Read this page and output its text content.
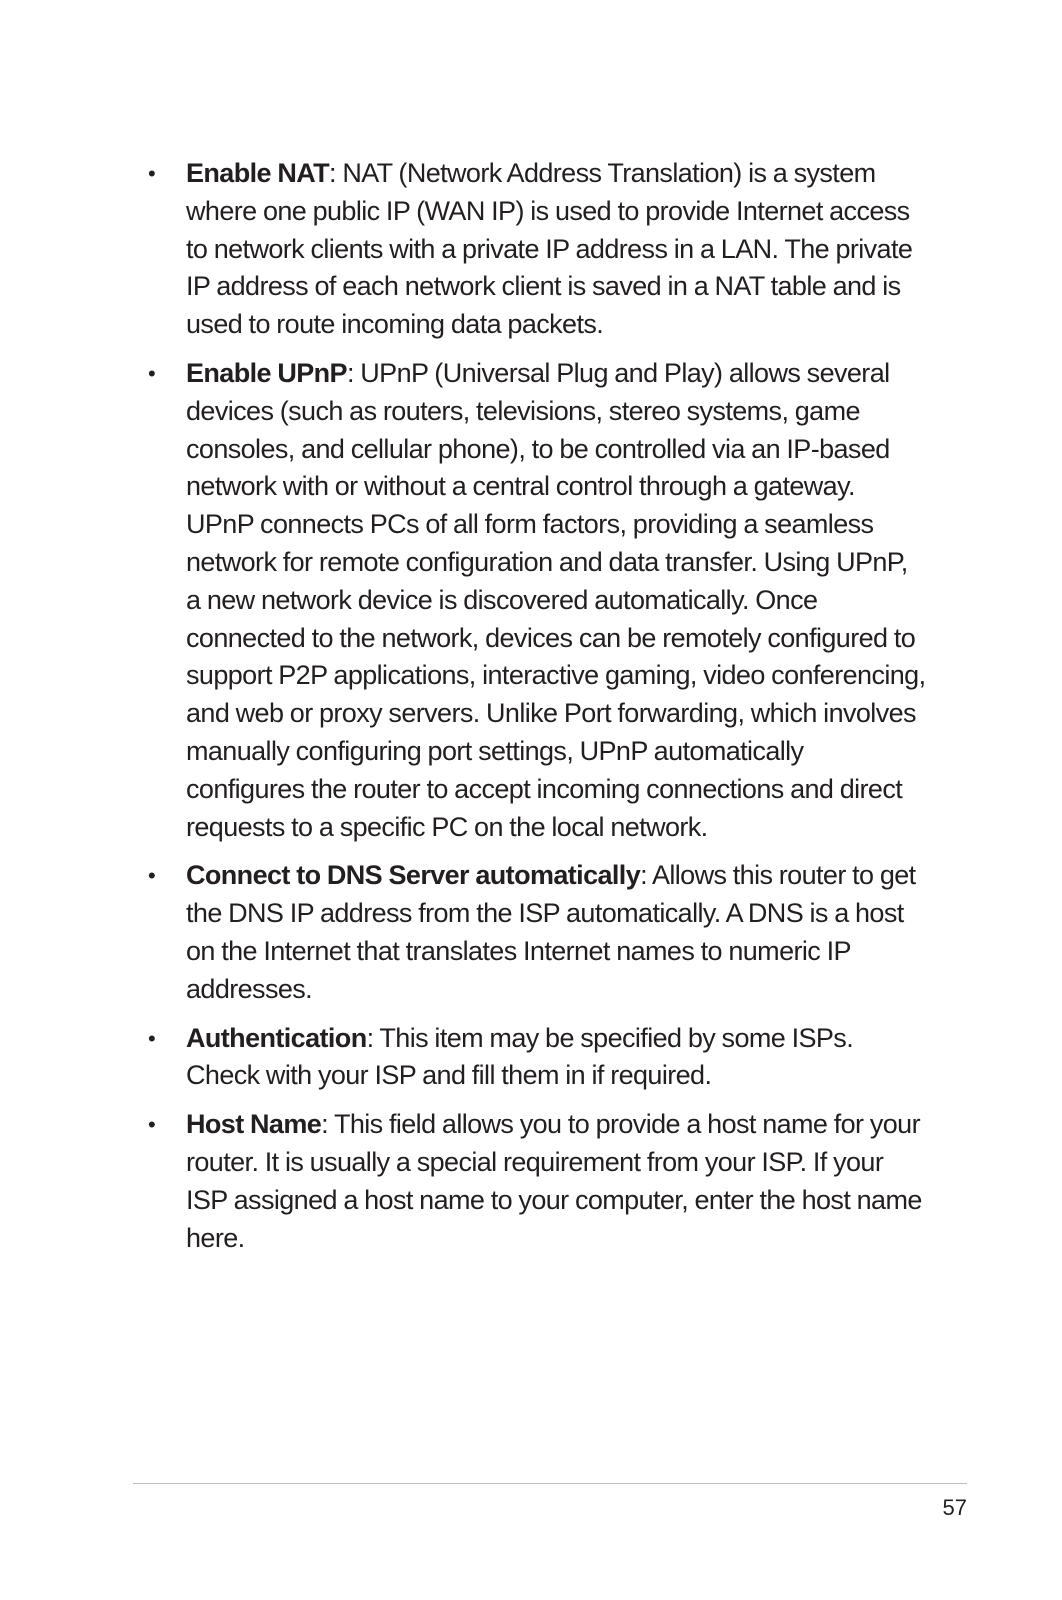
•	Enable NAT: NAT (Network Address Translation) is a system where one public IP (WAN IP) is used to provide Internet access to network clients with a private IP address in a LAN. The private IP address of each network client is saved in a NAT table and is used to route incoming data packets.
•	Enable UPnP: UPnP (Universal Plug and Play) allows several devices (such as routers, televisions, stereo systems, game consoles, and cellular phone), to be controlled via an IP-based network with or without a central control through a gateway. UPnP connects PCs of all form factors, providing a seamless network for remote configuration and data transfer. Using UPnP, a new network device is discovered automatically. Once connected to the network, devices can be remotely configured to support P2P applications, interactive gaming, video conferencing, and web or proxy servers. Unlike Port forwarding, which involves manually configuring port settings, UPnP automatically configures the router to accept incoming connections and direct requests to a specific PC on the local network.
•	Connect to DNS Server automatically: Allows this router to get the DNS IP address from the ISP automatically. A DNS is a host on the Internet that translates Internet names to numeric IP addresses.
•	Authentication: This item may be specified by some ISPs. Check with your ISP and fill them in if required.
•	Host Name: This field allows you to provide a host name for your router. It is usually a special requirement from your ISP. If your ISP assigned a host name to your computer, enter the host name here.
57
